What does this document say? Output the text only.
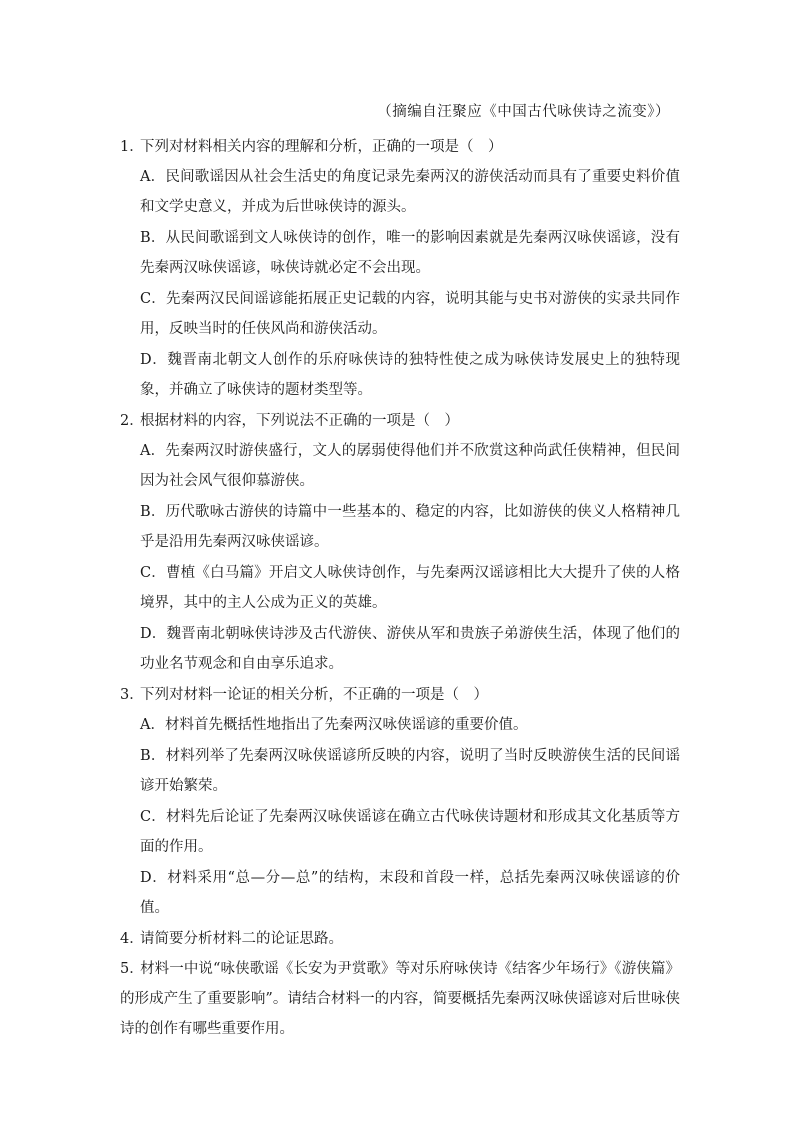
（摘编自汪聚应《中国古代咏侠诗之流变》）
1．下列对材料相关内容的理解和分析，正确的一项是（　）
A．民间歌谣因从社会生活史的角度记录先秦两汉的游侠活动而具有了重要史料价值和文学史意义，并成为后世咏侠诗的源头。
B．从民间歌谣到文人咏侠诗的创作，唯一的影响因素就是先秦两汉咏侠谣谚，没有先秦两汉咏侠谣谚，咏侠诗就必定不会出现。
C．先秦两汉民间谣谚能拓展正史记载的内容，说明其能与史书对游侠的实录共同作用，反映当时的任侠风尚和游侠活动。
D．魏晋南北朝文人创作的乐府咏侠诗的独特性使之成为咏侠诗发展史上的独特现象，并确立了咏侠诗的题材类型等。
2．根据材料的内容，下列说法不正确的一项是（　）
A．先秦两汉时游侠盛行，文人的孱弱使得他们并不欣赏这种尚武任侠精神，但民间因为社会风气很仰慕游侠。
B．历代歌咏古游侠的诗篇中一些基本的、稳定的内容，比如游侠的侠义人格精神几乎是沿用先秦两汉咏侠谣谚。
C．曹植《白马篇》开启文人咏侠诗创作，与先秦两汉谣谚相比大大提升了侠的人格境界，其中的主人公成为正义的英雄。
D．魏晋南北朝咏侠诗涉及古代游侠、游侠从军和贵族子弟游侠生活，体现了他们的功业名节观念和自由享乐追求。
3．下列对材料一论证的相关分析，不正确的一项是（　）
A．材料首先概括性地指出了先秦两汉咏侠谣谚的重要价值。
B．材料列举了先秦两汉咏侠谣谚所反映的内容，说明了当时反映游侠生活的民间谣谚开始繁荣。
C．材料先后论证了先秦两汉咏侠谣谚在确立古代咏侠诗题材和形成其文化基质等方面的作用。
D．材料采用“总—分—总”的结构，末段和首段一样，总括先秦两汉咏侠谣谚的价值。
4．请简要分析材料二的论证思路。
5．材料一中说“咏侠歌谣《长安为尹赏歌》等对乐府咏侠诗《结客少年场行》《游侠篇》的形成产生了重要影响”。请结合材料一的内容，简要概括先秦两汉咏侠谣谚对后世咏侠诗的创作有哪些重要作用。
